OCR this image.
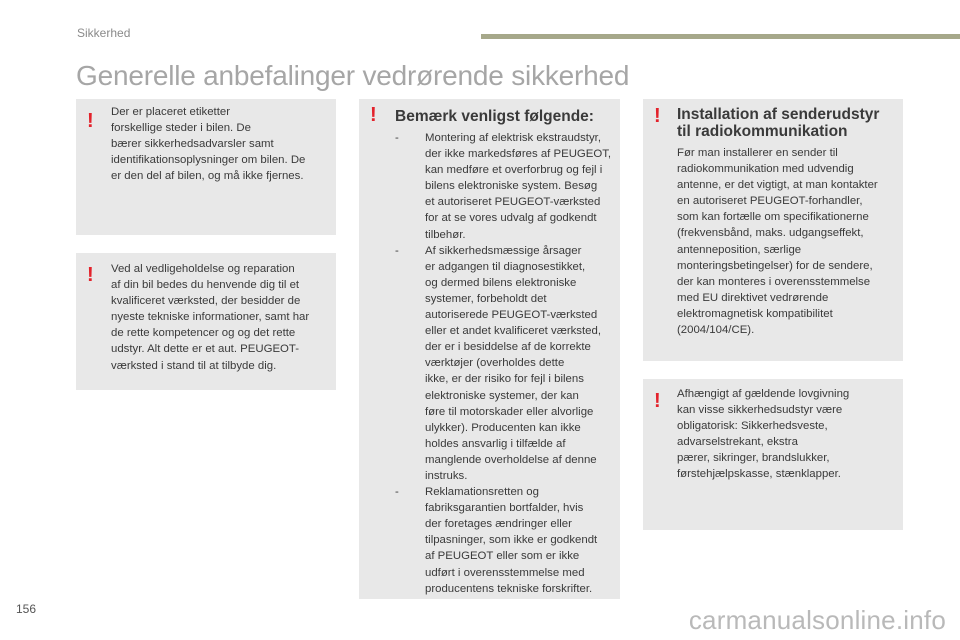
Sikkerhed
Generelle anbefalinger vedrørende sikkerhed
! Der er placeret etiketter

forskellige steder i bilen. De

bærer sikkerhedsadvarsler samt

identifikationsoplysninger om bilen. De

er den del af bilen, og må ikke fjernes.

! Ved al vedligeholdelse og reparation

af din bil bedes du henvende dig til et

kvalificeret værksted, der besidder de

nyeste tekniske informationer, samt har

de rette kompetencer og og det rette

udstyr. Alt dette er et aut. PEUGEOT-

værksted i stand til at tilbyde dig.

! Bemærk venligst følgende:
- Montering af elektrisk ekstraudstyr,

der ikke markedsføres af PEUGEOT,

kan medføre et overforbrug og fejl i

bilens elektroniske system. Besøg

et autoriseret PEUGEOT-værksted

for at se vores udvalg af godkendt

tilbehør.

- Af sikkerhedsmæssige årsager

er adgangen til diagnosestikket,

og dermed bilens elektroniske

systemer, forbeholdt det

autoriserede PEUGEOT-værksted

eller et andet kvalificeret værksted,

der er i besiddelse af de korrekte

værktøjer (overholdes dette

ikke, er der risiko for fejl i bilens

elektroniske systemer, der kan

føre til motorskader eller alvorlige

ulykker). Producenten kan ikke

holdes ansvarlig i tilfælde af

manglende overholdelse af denne

instruks.

- Reklamationsretten og

fabriksgarantien bortfalder, hvis

der foretages ændringer eller

tilpasninger, som ikke er godkendt

af PEUGEOT eller som er ikke

udført i overensstemmelse med

producentens tekniske forskrifter.

! Installation af senderudstyr
til radiokommunikation

Før man installerer en sender til

radiokommunikation med udvendig

antenne, er det vigtigt, at man kontakter

en autoriseret PEUGEOT-forhandler,

som kan fortælle om specifikationerne

(frekvensbånd, maks. udgangseffekt,

antenneposition, særlige

monteringsbetingelser) for de sendere,

der kan monteres i overensstemmelse

med EU direktivet vedrørende

elektromagnetisk kompatibilitet

(2004/104/CE).

! Afhængigt af gældende lovgivning

kan visse sikkerhedsudstyr være

obligatorisk: Sikkerhedsveste,

advarselstrekant, ekstra

pærer, sikringer, brandslukker,

førstehjælpskasse, stænklapper.

156	carmanualsonline.info
